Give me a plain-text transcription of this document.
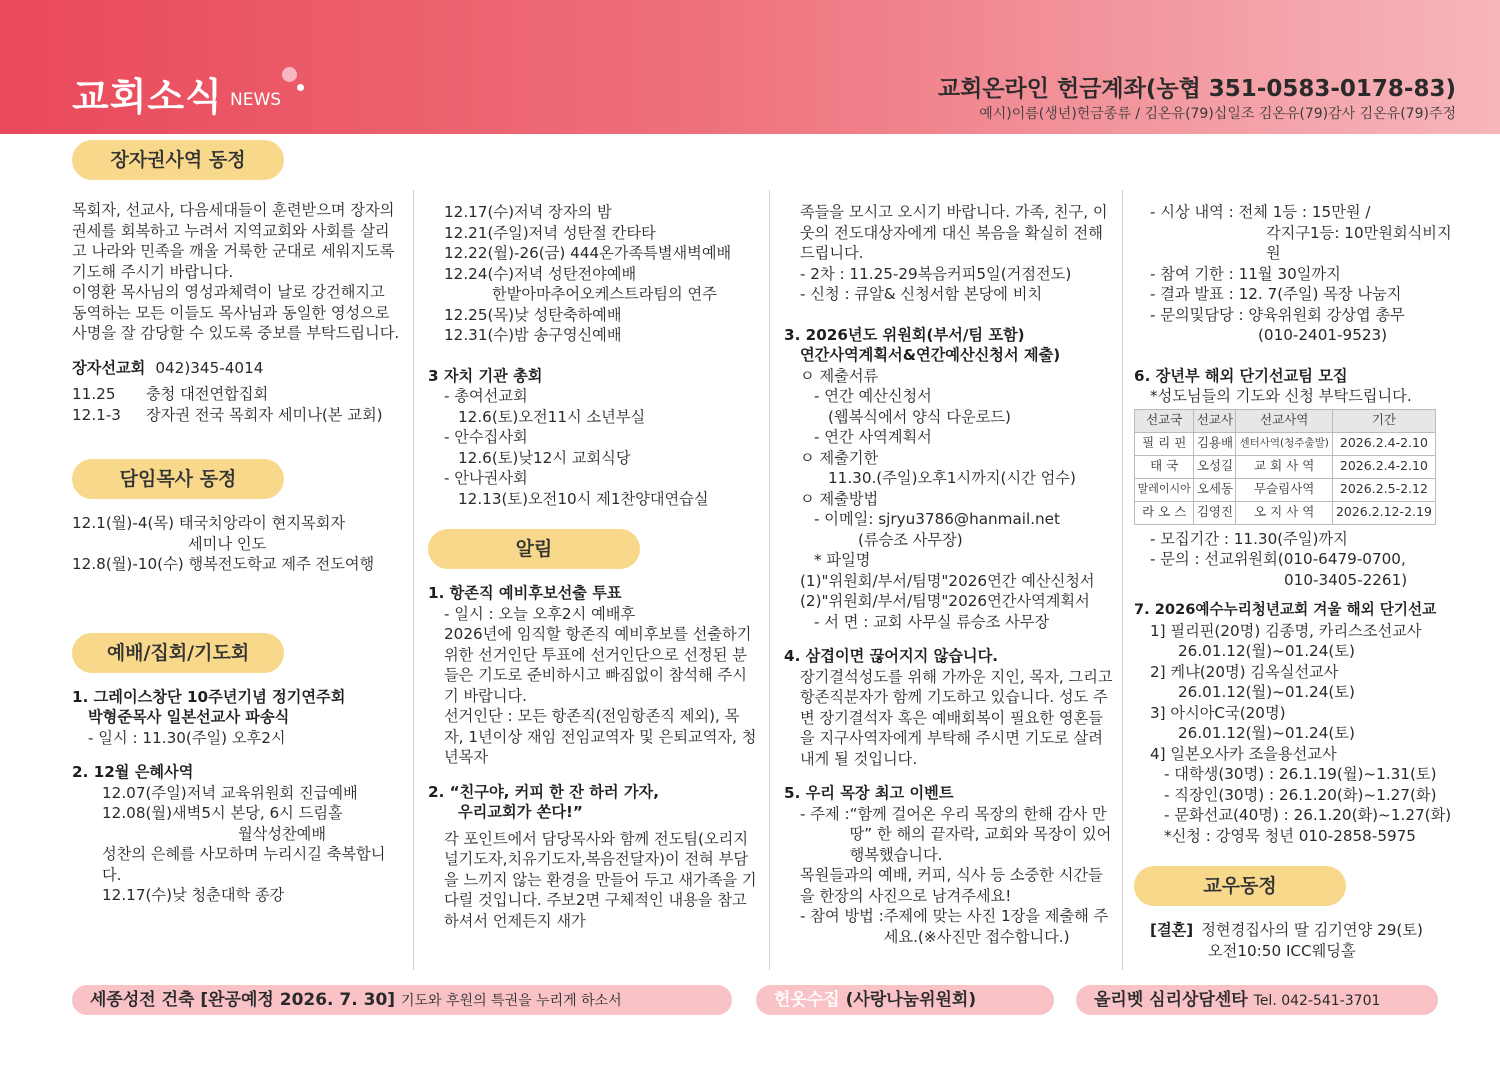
교회소식 NEWS	교회온라인 헌금계좌(농협 351-0583-0178-83)
예시)이름(생년)헌금종류 / 김온유(79)십일조 김온유(79)감사 김온유(79)주정
장자권사역 동정

목회자, 선교사, 다음세대들이 훈련받으며 장자의 권세를 회복하고 누려서 지역교회와 사회를 살리고 나라와 민족을 깨울 거룩한 군대로 세워지도록 기도해 주시기 바랍니다.

이영환 목사님의 영성과체력이 날로 강건해지고 동역하는 모든 이들도 목사님과 동일한 영성으로 사명을 잘 감당할 수 있도록 중보를 부탁드립니다.

장자선교회 042)345-4014
11.25	충청 대전연합집회
12.1-3	장자권 전국 목회자 세미나(본 교회)
담임목사 동정

12.1(월)-4(목) 태국치앙라이 현지목회자

세미나 인도

12.8(월)-10(수) 행복전도학교 제주 전도여행

예배/집회/기도회

1. 그레이스창단 10주년기념 정기연주회

박형준목사 일본선교사 파송식

- 일시 : 11.30(주일) 오후2시

2. 12월 은혜사역

12.07(주일)저녁 교육위원회 진급예배

12.08(월)새벽5시 본당, 6시 드림홀

월삭성찬예배

성찬의 은혜를 사모하며 누리시길 축복합니다.

12.17(수)낮 청춘대학 종강

12.17(수)저녁 장자의 밤

12.21(주일)저녁 성탄절 칸타타

12.22(월)-26(금) 444온가족특별새벽예배

12.24(수)저녁 성탄전야예배

한밭아마추어오케스트라팀의 연주

12.25(목)낮 성탄축하예배

12.31(수)밤 송구영신예배

3 자치 기관 총회

- 총여선교회

12.6(토)오전11시 소년부실

- 안수집사회

12.6(토)낮12시 교회식당

- 안나권사회

12.13(토)오전10시 제1찬양대연습실

알림

1. 항존직 예비후보선출 투표

- 일시 : 오늘 오후2시 예배후

2026년에 임직할 항존직 예비후보를 선출하기 위한 선거인단 투표에 선거인단으로 선정된 분들은 기도로 준비하시고 빠짐없이 참석해 주시기 바랍니다.

선거인단 : 모든 항존직(전임항존직 제외), 목자, 1년이상 재임 전임교역자 및 은퇴교역자, 청년목자

2. “친구야, 커피 한 잔 하러 가자,

우리교회가 쏜다!”

각 포인트에서 담당목사와 함께 전도팀(오리지널기도자,치유기도자,복음전달자)이 전혀 부담을 느끼지 않는 환경을 만들어 두고 새가족을 기다릴 것입니다. 주보2면 구체적인 내용을 참고하셔서 언제든지 새가

족들을 모시고 오시기 바랍니다. 가족, 친구, 이웃의 전도대상자에게 대신 복음을 확실히 전해드립니다.

- 2차 : 11.25-29복음커피5일(거점전도)

- 신청 : 큐알& 신청서함 본당에 비치

3. 2026년도 위원회(부서/팀 포함)

연간사역계획서&연간예산신청서 제출)

ㅇ 제출서류

- 연간 예산신청서

(웹복식에서 양식 다운로드)

- 연간 사역계획서

ㅇ 제출기한

11.30.(주일)오후1시까지(시간 엄수)

ㅇ 제출방법

- 이메일: sjryu3786@hanmail.net

(류승조 사무장)

* 파일명

(1)"위원회/부서/팀명"2026연간 예산신청서

(2)"위원회/부서/팀명"2026연간사역계획서

- 서 면 : 교회 사무실 류승조 사무장

4. 삼겹이면 끊어지지 않습니다.

장기결석성도를 위해 가까운 지인, 목자, 그리고 항존직분자가 함께 기도하고 있습니다. 성도 주변 장기결석자 혹은 예배회복이 필요한 영혼들을 지구사역자에게 부탁해 주시면 기도로 살려내게 될 것입니다.

5. 우리 목장 최고 이벤트

- 주제 : “함께 걸어온 우리 목장의 한해 감사 만땅” 한 해의 끝자락, 교회와 목장이 있어 행복했습니다.

목원들과의 예배, 커피, 식사 등 소중한 시간들을 한장의 사진으로 남겨주세요!

- 참여 방법 : 주제에 맞는 사진 1장을 제출해 주세요.(※사진만 접수합니다.)

- 시상 내역 : 전체 1등 : 15만원 /

각지구1등: 10만원회식비지원

- 참여 기한 : 11월 30일까지

- 결과 발표 : 12. 7(주일) 목장 나눔지

- 문의및담당 : 양육위원회 강상엽 총무

(010-2401-9523)

6. 장년부 해외 단기선교팀 모집

*성도님들의 기도와 신청 부탁드립니다.

선교국	선교사	선교사역	기간
필 리 핀	김용배	센터사역(청주출발)	2026.2.4-2.10
태 국	오성길	교 회 사 역	2026.2.4-2.10
말레이시아	오세동	무슬림사역	2026.2.5-2.12
라 오 스	김영진	오 지 사 역	2026.2.12-2.19

- 모집기간 : 11.30(주일)까지

- 문의 : 선교위원회(010-6479-0700,

010-3405-2261)

7. 2026예수누리청년교회 겨울 해외 단기선교

1] 필리핀(20명) 김종명, 카리스조선교사

26.01.12(월)~01.24(토)

2] 케냐(20명) 김옥실선교사

26.01.12(월)~01.24(토)

3] 아시아C국(20명)

26.01.12(월)~01.24(토)

4] 일본오사카 조을용선교사

- 대학생(30명) : 26.1.19(월)~1.31(토)

- 직장인(30명) : 26.1.20(화)~1.27(화)

- 문화선교(40명) : 26.1.20(화)~1.27(화)

*신청 : 강영묵 청년 010-2858-5975

교우동정
[결혼] 정현경집사의 딸 김기연양 29(토)

오전10:50 ICC웨딩홀

세종성전 건축 [완공예정 2026. 7. 30] 기도와 후원의 특권을 누리게 하소서	헌옷수집 (사랑나눔위원회)	올리벳 심리상담센타 Tel. 042-541-3701
